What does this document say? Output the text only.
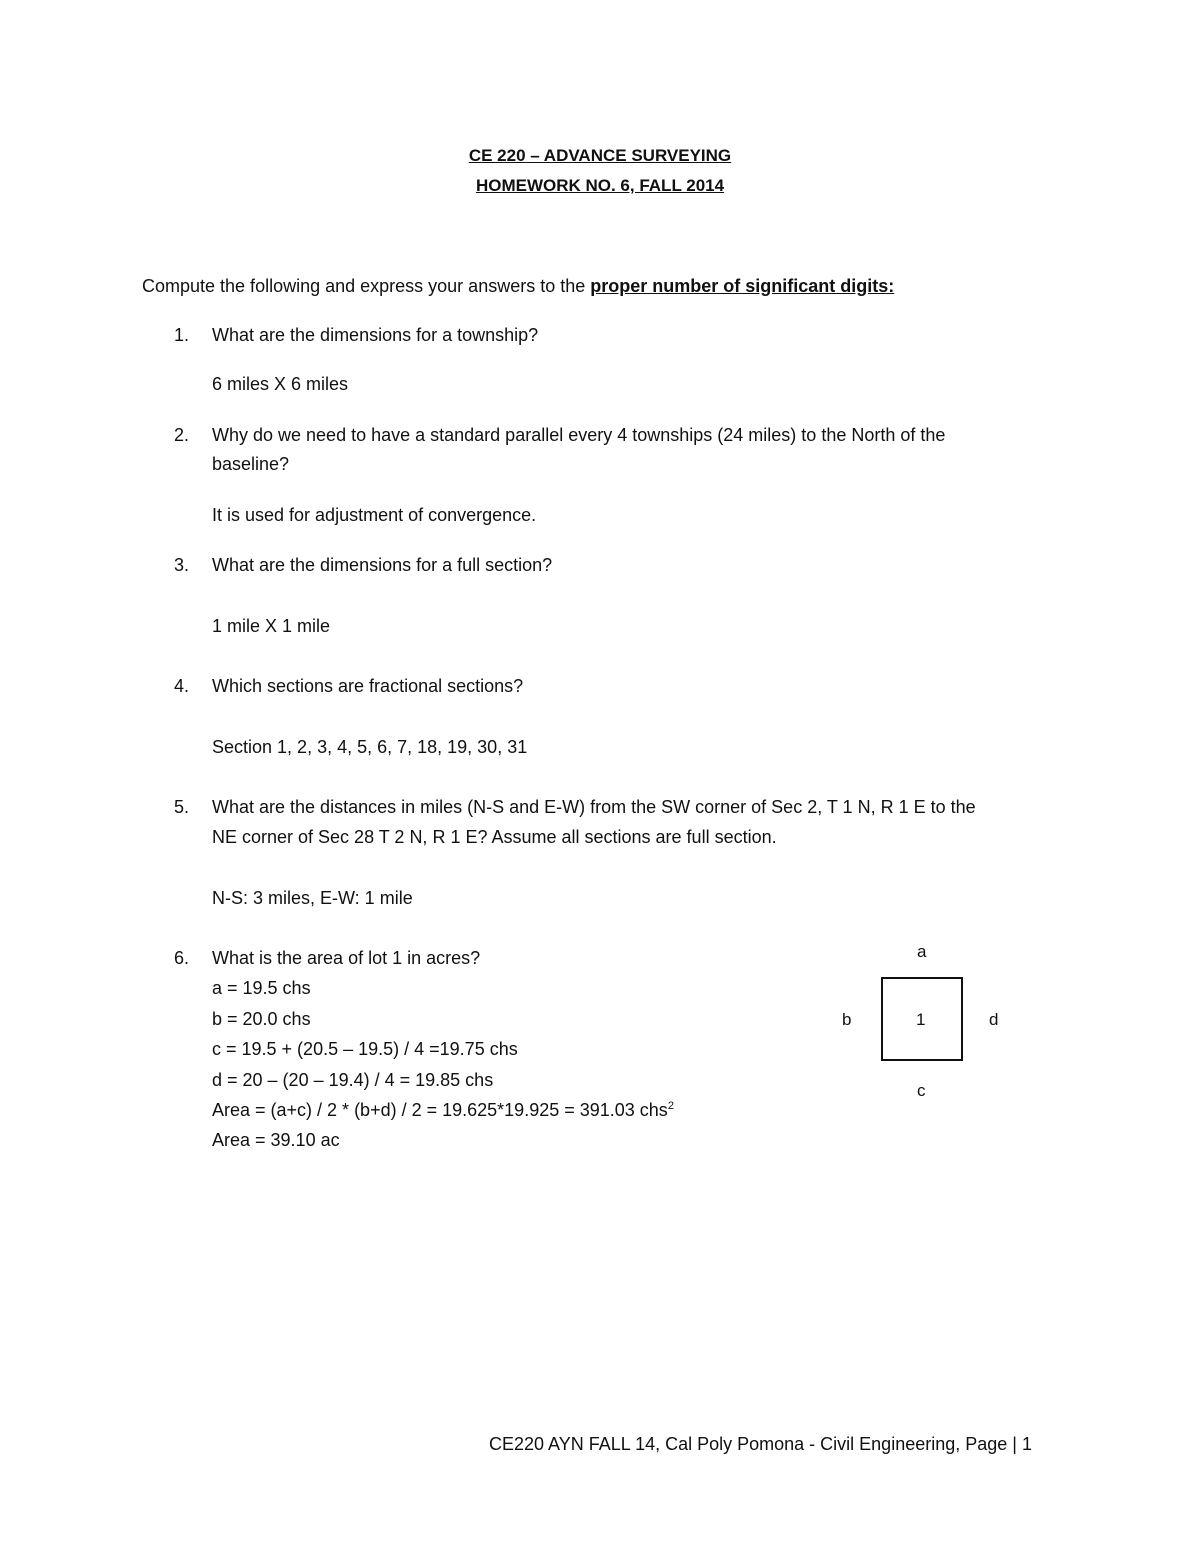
CE 220 – ADVANCE SURVEYING
HOMEWORK NO. 6, FALL 2014
Compute the following and express your answers to the proper number of significant digits:
1. What are the dimensions for a township?
6 miles X 6 miles
2. Why do we need to have a standard parallel every 4 townships (24 miles) to the North of the
baseline?
It is used for adjustment of convergence.
3. What are the dimensions for a full section?
1 mile X 1 mile
4. Which sections are fractional sections?
Section 1, 2, 3, 4, 5, 6, 7, 18, 19, 30, 31
5. What are the distances in miles (N-S and E-W) from the SW corner of Sec 2, T 1 N, R 1 E to the
NE corner of Sec 28 T 2 N, R 1 E? Assume all sections are full section.
N-S: 3 miles, E-W: 1 mile
6. What is the area of lot 1 in acres?
a = 19.5 chs
b = 20.0 chs
c = 19.5 + (20.5 – 19.5) / 4 =19.75 chs
d = 20 – (20 – 19.4) / 4 = 19.85 chs
Area = (a+c) / 2 * (b+d) / 2 = 19.625*19.925 = 391.03 chs$^2$
Area = 39.10 ac
a
1
b	d
c
CE220 AYN FALL 14, Cal Poly Pomona - Civil Engineering, Page | 1
